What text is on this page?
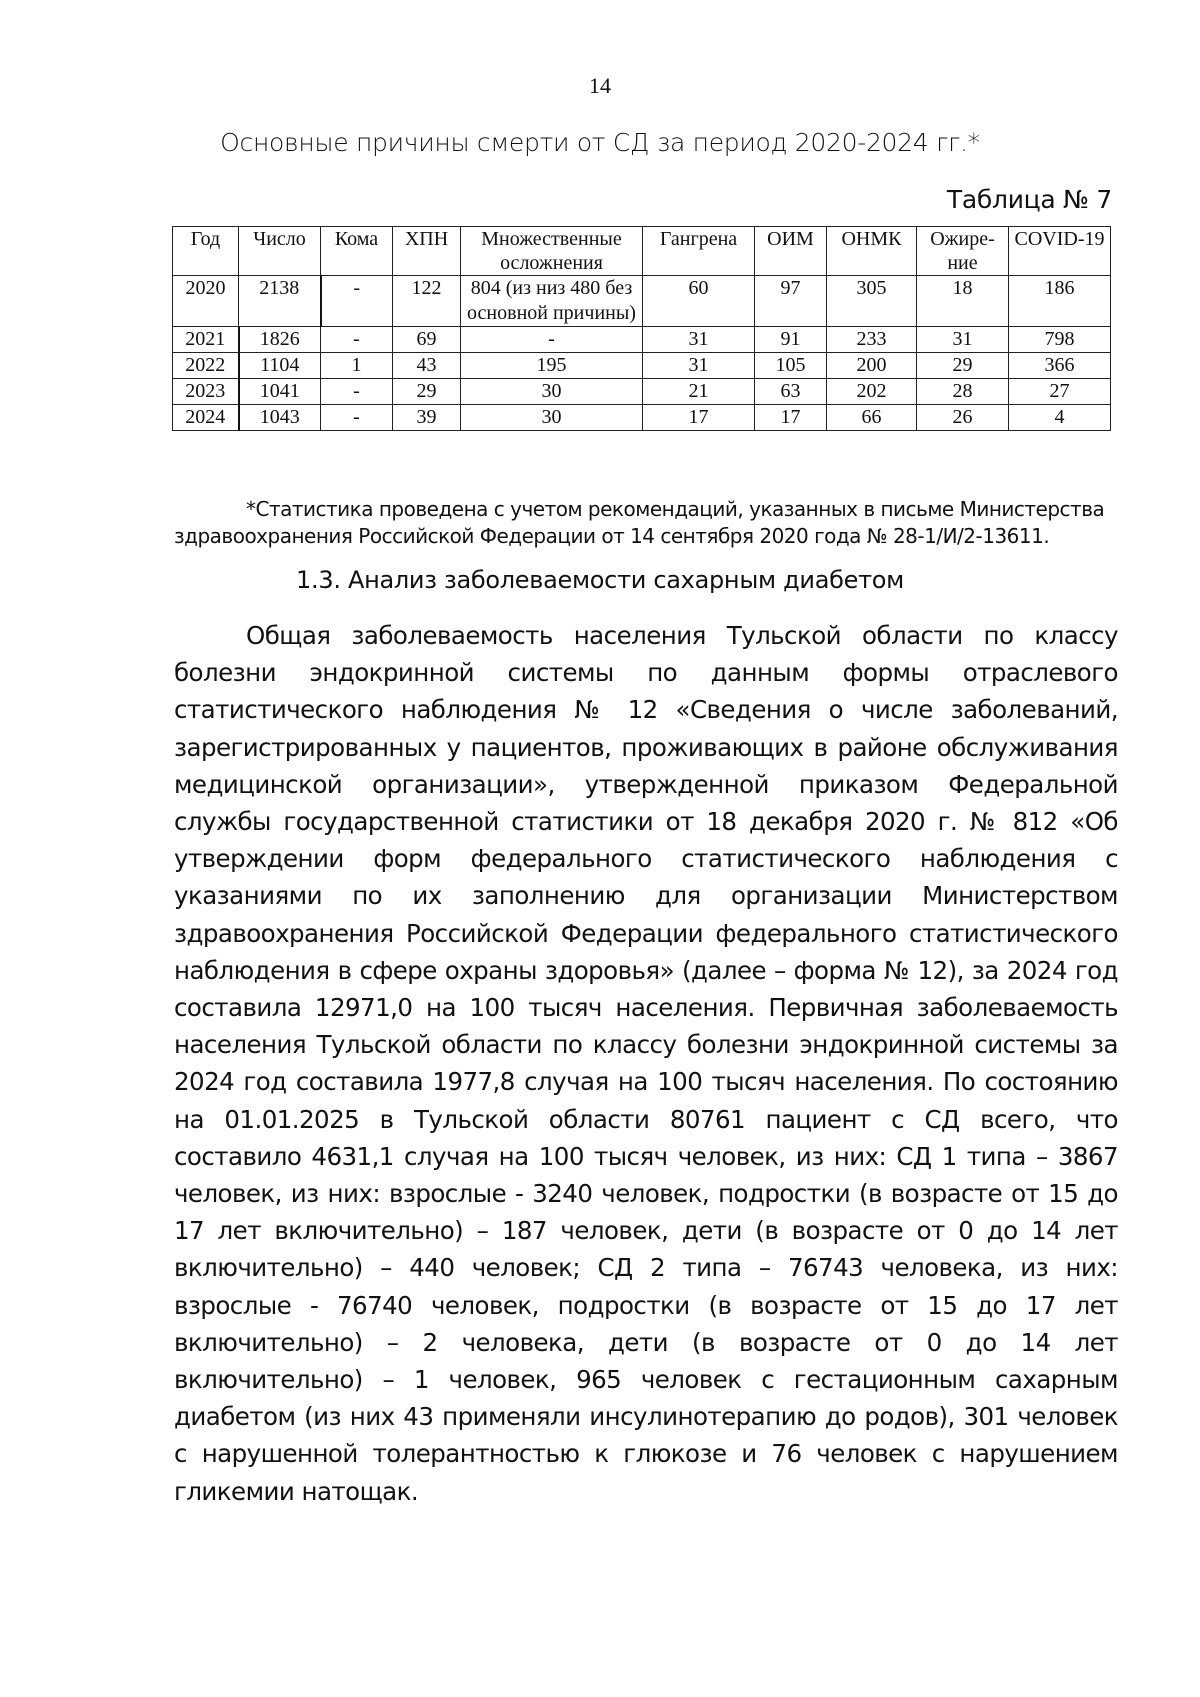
14
Основные причины смерти от СД за период 2020-2024 гг.*
Таблица № 7
Год	Число	Кома	ХПН	Множественные осложнения	Гангрена	ОИМ	ОНМК	Ожире-ние	COVID-19
2020	2138	-	122	804 (из низ 480 без основной причины)	60	97	305	18	186
2021	1826	-	69	-	31	91	233	31	798
2022	1104	1	43	195	31	105	200	29	366
2023	1041	-	29	30	21	63	202	28	27
2024	1043	-	39	30	17	17	66	26	4
*Статистика проведена с учетом рекомендаций, указанных в письме Министерства здравоохранения Российской Федерации от 14 сентября 2020 года № 28-1/И/2-13611.
1.3. Анализ заболеваемости сахарным диабетом

Общая заболеваемость населения Тульской области по классу болезни эндокринной системы по данным формы отраслевого статистического наблюдения № 12 «Сведения о числе заболеваний, зарегистрированных у пациентов, проживающих в районе обслуживания медицинской организации», утвержденной приказом Федеральной службы государственной статистики от 18 декабря 2020 г. № 812 «Об утверждении форм федерального статистического наблюдения с указаниями по их заполнению для организации Министерством здравоохранения Российской Федерации федерального статистического наблюдения в сфере охраны здоровья» (далее – форма № 12), за 2024 год составила 12971,0 на 100 тысяч населения. Первичная заболеваемость населения Тульской области по классу болезни эндокринной системы за 2024 год составила 1977,8 случая на 100 тысяч населения. По состоянию на 01.01.2025 в Тульской области 80761 пациент с СД всего, что составило 4631,1 случая на 100 тысяч человек, из них: СД 1 типа – 3867 человек, из них: взрослые - 3240 человек, подростки (в возрасте от 15 до 17 лет включительно) – 187 человек, дети (в возрасте от 0 до 14 лет включительно) – 440 человек; СД 2 типа – 76743 человека, из них: взрослые - 76740 человек, подростки (в возрасте от 15 до 17 лет включительно) – 2 человека, дети (в возрасте от 0 до 14 лет включительно) – 1 человек, 965 человек с гестационным сахарным диабетом (из них 43 применяли инсулинотерапию до родов), 301 человек с нарушенной толерантностью к глюкозе и 76 человек с нарушением гликемии натощак.
